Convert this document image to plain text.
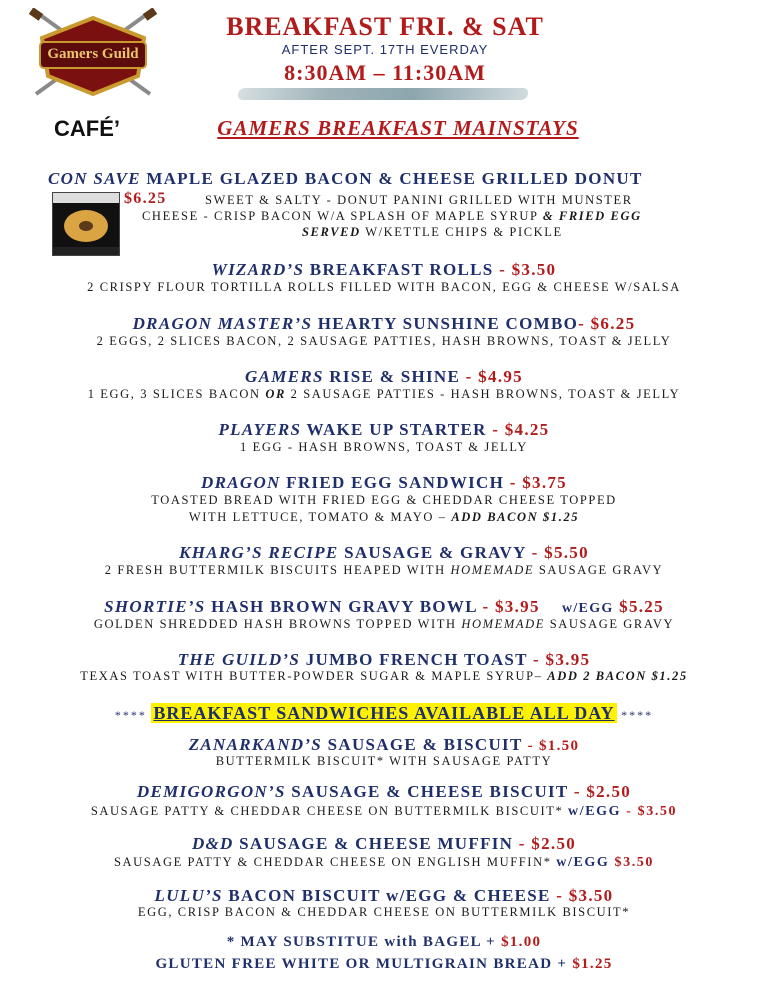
Gamers Guild
BREAKFAST FRI. & SAT
AFTER SEPT. 17TH EVERDAY
8:30AM – 11:30AM
CAFÉ’	GAMERS BREAKFAST MAINSTAYS
CON SAVE MAPLE GLAZED BACON & CHEESE GRILLED DONUT
$6.25	SWEET & SALTY - DONUT PANINI GRILLED WITH MUNSTER
CHEESE - CRISP BACON W/A SPLASH OF MAPLE SYRUP & FRIED EGG
SERVED W/KETTLE CHIPS & PICKLE
WIZARD’S BREAKFAST ROLLS - $3.50
2 CRISPY FLOUR TORTILLA ROLLS FILLED WITH BACON, EGG & CHEESE W/SALSA
DRAGON MASTER’S HEARTY SUNSHINE COMBO- $6.25
2 EGGS, 2 SLICES BACON, 2 SAUSAGE PATTIES, HASH BROWNS, TOAST & JELLY
GAMERS RISE & SHINE - $4.95
1 EGG, 3 SLICES BACON OR 2 SAUSAGE PATTIES - HASH BROWNS, TOAST & JELLY
PLAYERS WAKE UP STARTER - $4.25
1 EGG - HASH BROWNS, TOAST & JELLY
DRAGON FRIED EGG SANDWICH - $3.75
TOASTED BREAD WITH FRIED EGG & CHEDDAR CHEESE TOPPED
WITH LETTUCE, TOMATO & MAYO – ADD BACON $1.25
KHARG’S RECIPE SAUSAGE & GRAVY - $5.50
2 FRESH BUTTERMILK BISCUITS HEAPED WITH HOMEMADE SAUSAGE GRAVY
SHORTIE’S HASH BROWN GRAVY BOWL - $3.95 w/EGG $5.25
GOLDEN SHREDDED HASH BROWNS TOPPED WITH HOMEMADE SAUSAGE GRAVY
THE GUILD’S JUMBO FRENCH TOAST - $3.95
TEXAS TOAST WITH BUTTER-POWDER SUGAR & MAPLE SYRUP– ADD 2 BACON $1.25
**** BREAKFAST SANDWICHES AVAILABLE ALL DAY ****
ZANARKAND’S SAUSAGE & BISCUIT - $1.50
BUTTERMILK BISCUIT* WITH SAUSAGE PATTY
DEMIGORGON’S SAUSAGE & CHEESE BISCUIT - $2.50
SAUSAGE PATTY & CHEDDAR CHEESE ON BUTTERMILK BISCUIT* w/EGG - $3.50
D&D SAUSAGE & CHEESE MUFFIN - $2.50
SAUSAGE PATTY & CHEDDAR CHEESE ON ENGLISH MUFFIN* w/EGG $3.50
LULU’S BACON BISCUIT w/EGG & CHEESE - $3.50
EGG, CRISP BACON & CHEDDAR CHEESE ON BUTTERMILK BISCUIT*
* MAY SUBSTITUE with BAGEL + $1.00
GLUTEN FREE WHITE OR MULTIGRAIN BREAD + $1.25
